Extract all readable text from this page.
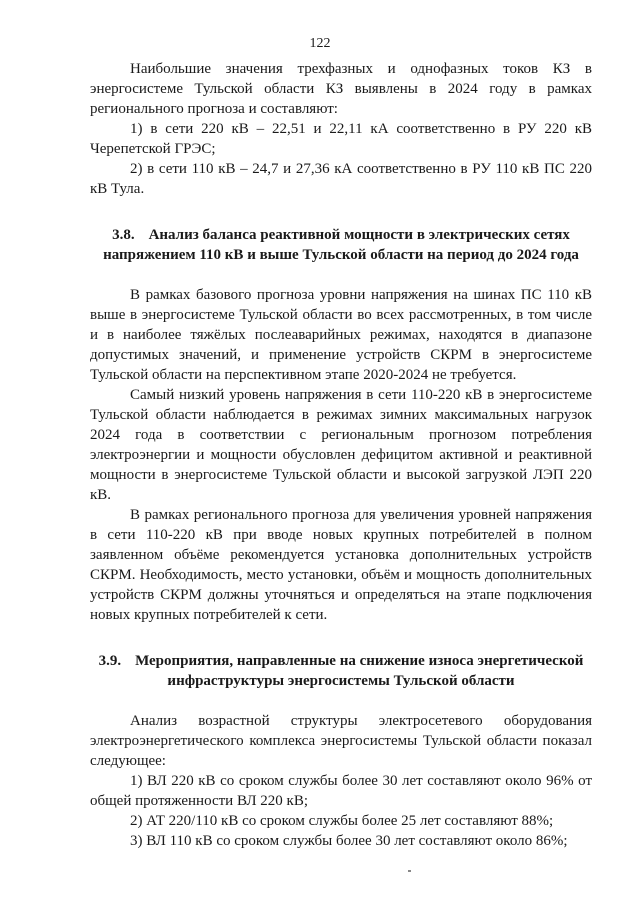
122

Наибольшие значения трехфазных и однофазных токов КЗ в энергосистеме Тульской области КЗ выявлены в 2024 году в рамках регионального прогноза и составляют:

1) в сети 220 кВ – 22,51 и 22,11 кА соответственно в РУ 220 кВ Черепетской ГРЭС;

2) в сети 110 кВ – 24,7 и 27,36 кА соответственно в РУ 110 кВ ПС 220 кВ Тула.

3.8. Анализ баланса реактивной мощности в электрических сетях напряжением 110 кВ и выше Тульской области на период до 2024 года

В рамках базового прогноза уровни напряжения на шинах ПС 110 кВ выше в энергосистеме Тульской области во всех рассмотренных, в том числе и в наиболее тяжёлых послеаварийных режимах, находятся в диапазоне допустимых значений, и применение устройств СКРМ в энергосистеме Тульской области на перспективном этапе 2020-2024 не требуется.

Самый низкий уровень напряжения в сети 110-220 кВ в энергосистеме Тульской области наблюдается в режимах зимних максимальных нагрузок 2024 года в соответствии с региональным прогнозом потребления электроэнергии и мощности обусловлен дефицитом активной и реактивной мощности в энергосистеме Тульской области и высокой загрузкой ЛЭП 220 кВ.

В рамках регионального прогноза для увеличения уровней напряжения в сети 110-220 кВ при вводе новых крупных потребителей в полном заявленном объёме рекомендуется установка дополнительных устройств СКРМ. Необходимость, место установки, объём и мощность дополнительных устройств СКРМ должны уточняться и определяться на этапе подключения новых крупных потребителей к сети.

3.9. Мероприятия, направленные на снижение износа энергетической инфраструктуры энергосистемы Тульской области

Анализ возрастной структуры электросетевого оборудования электроэнергетического комплекса энергосистемы Тульской области показал следующее:

1) ВЛ 220 кВ со сроком службы более 30 лет составляют около 96% от общей протяженности ВЛ 220 кВ;

2) АТ 220/110 кВ со сроком службы более 25 лет составляют 88%;

3) ВЛ 110 кВ со сроком службы более 30 лет составляют около 86%;
